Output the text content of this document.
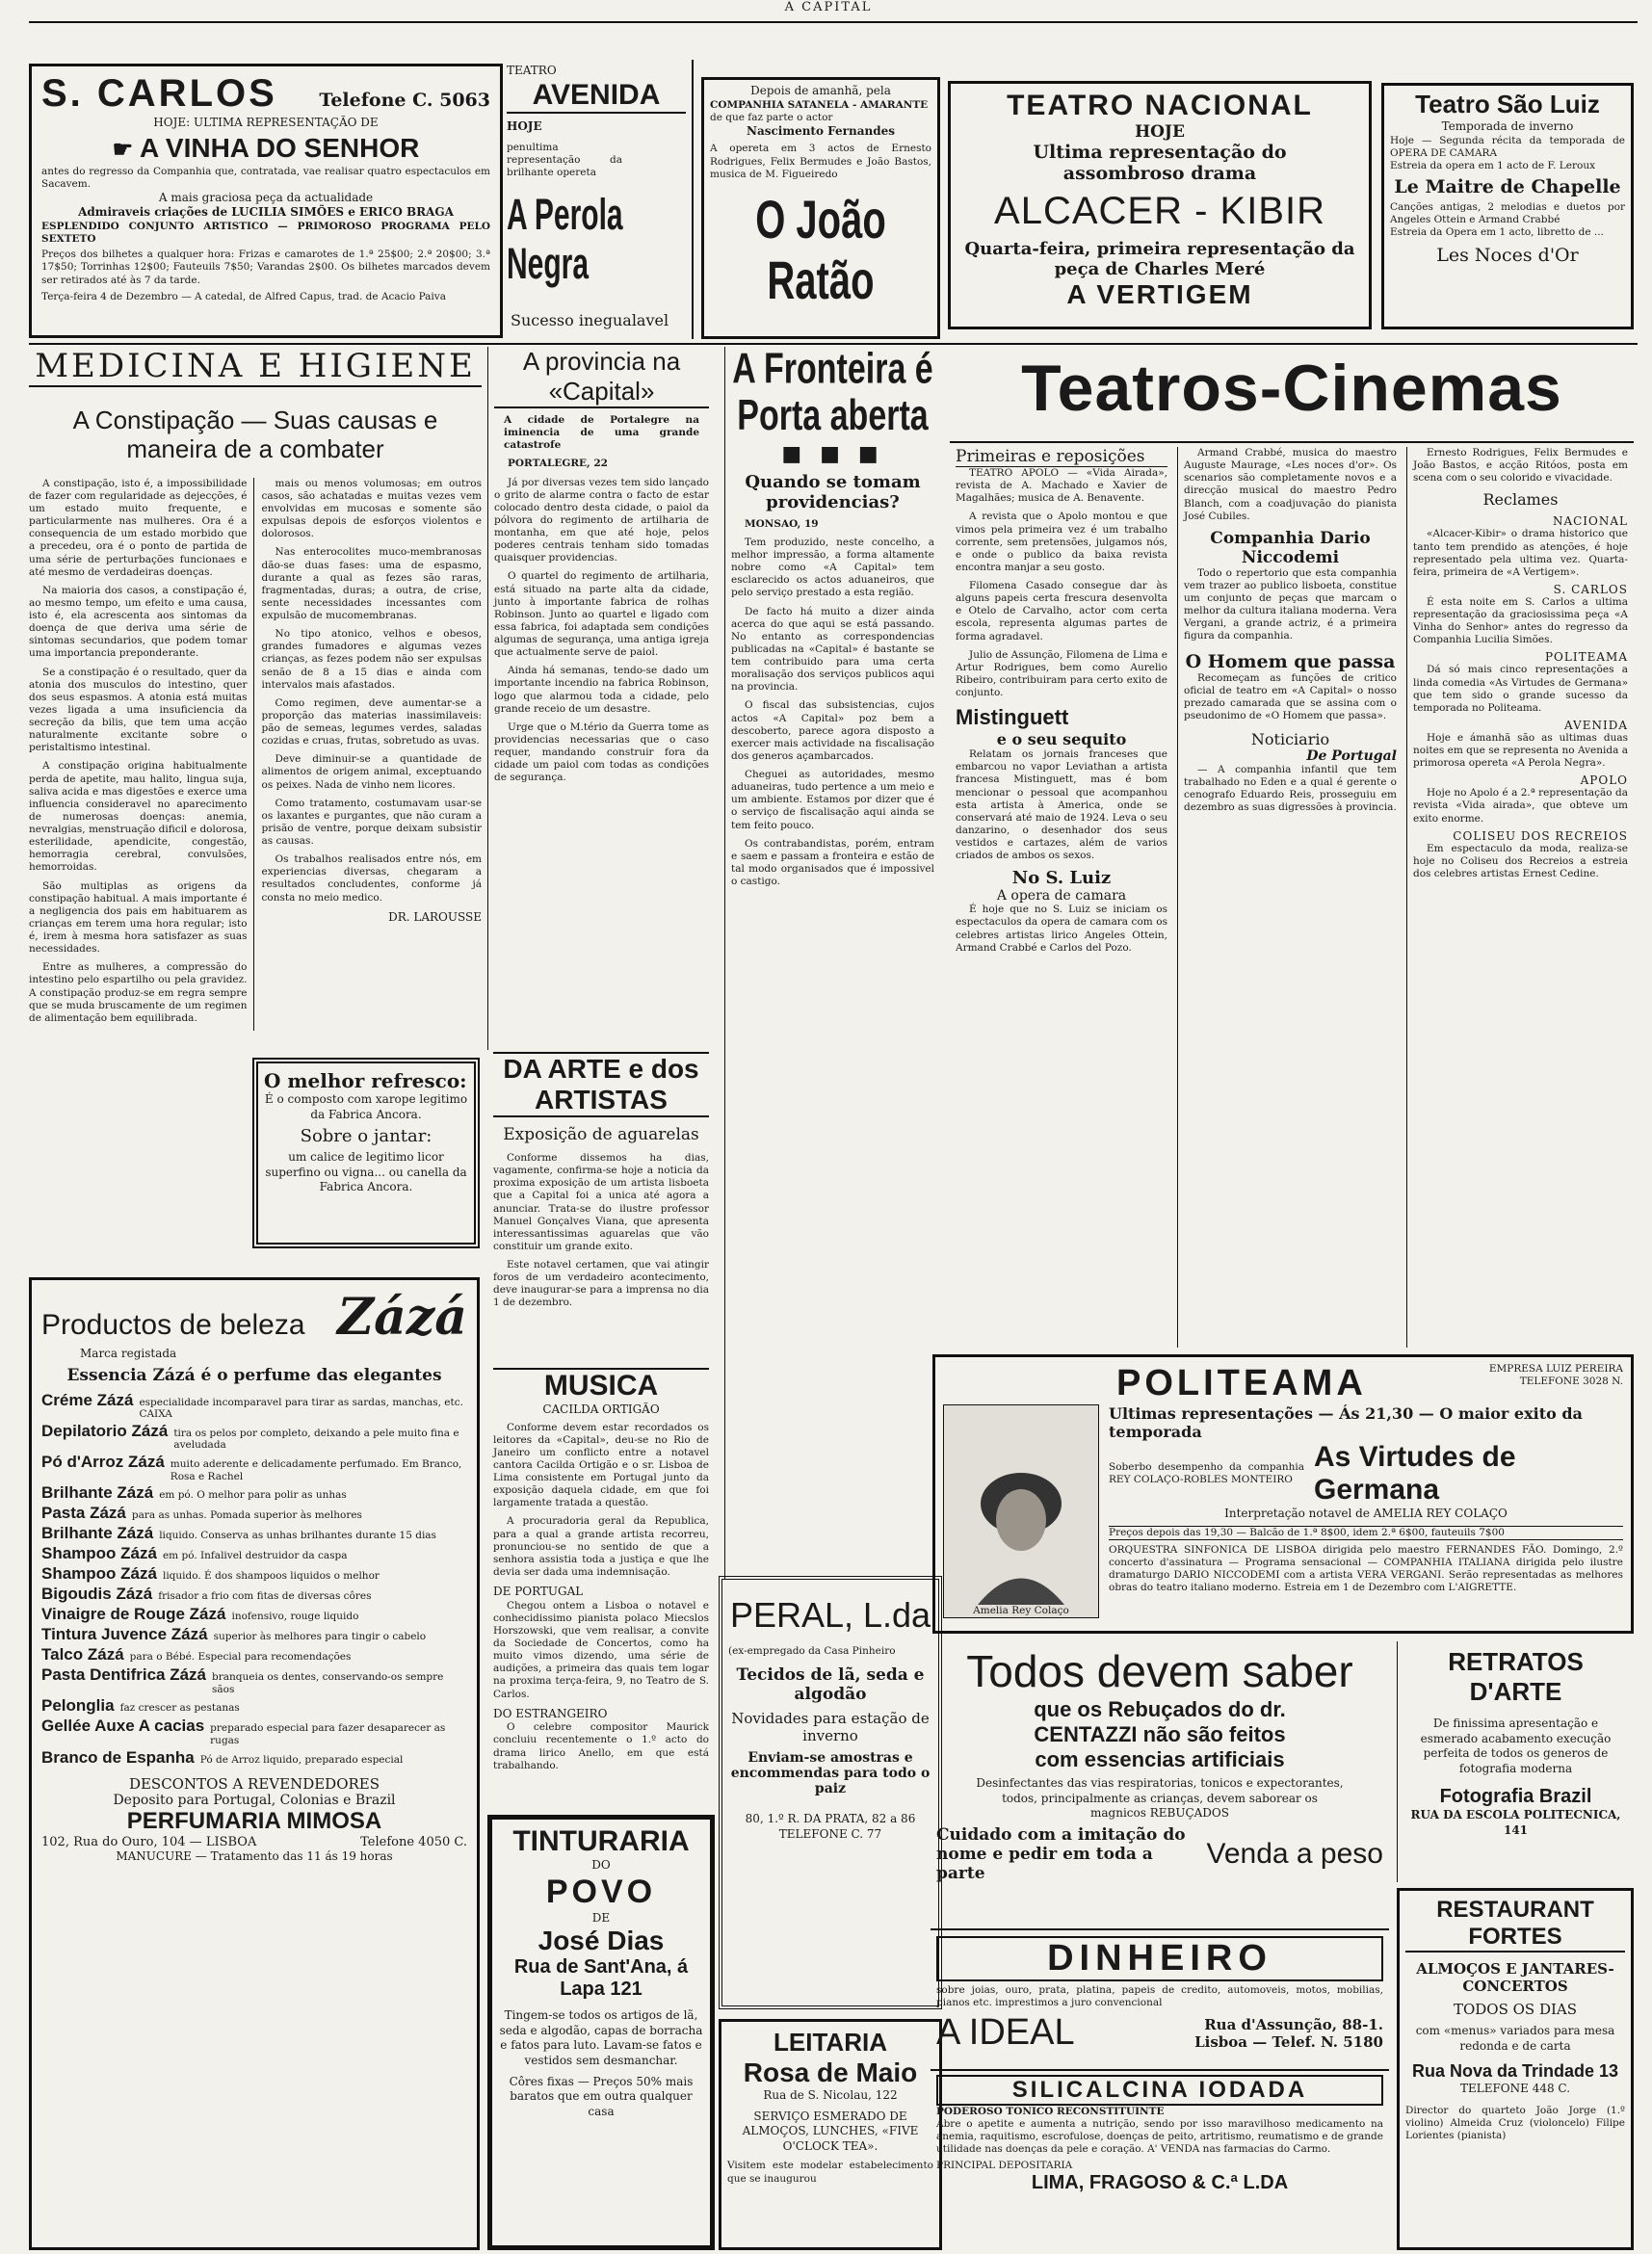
A CAPITAL
S. CARLOS Telefone C. 5063
HOJE: ULTIMA REPRESENTAÇÃO DE
☛ A VINHA DO SENHOR
antes do regresso da Companhia que, contratada, vae realisar quatro espectaculos em Sacavem.
A mais graciosa peça da actualidade
Admiraveis criações de LUCILIA SIMÕES e ERICO BRAGA
ESPLENDIDO CONJUNTO ARTISTICO — PRIMOROSO PROGRAMA PELO SEXTETO
Preços dos bilhetes a qualquer hora: Frizas e camarotes de 1.ª 25$00; 2.ª 20$00; 3.ª 17$50; Torrinhas 12$00; Fauteuils 7$50; Varandas 2$00. Os bilhetes marcados devem ser retirados até às 7 da tarde.
Terça-feira 4 de Dezembro — A catedal, de Alfred Capus, trad. de Acacio Paiva
TEATRO
AVENIDA
HOJE
penultima representação da brilhante opereta
A Perola Negra
Sucesso inegualavel
Depois de amanhã, pela
COMPANHIA SATANELA - AMARANTE
de que faz parte o actor
Nascimento Fernandes
A opereta em 3 actos de Ernesto Rodrigues, Felix Bermudes e João Bastos, musica de M. Figueiredo
O João Ratão
TEATRO NACIONAL
HOJE
Ultima representação do assombroso drama
ALCACER - KIBIR
Quarta-feira, primeira representação da peça de Charles Meré
A VERTIGEM
Teatro São Luiz
Temporada de inverno
Hoje — Segunda récita da temporada de OPERA DE CAMARA
Estreia da opera em 1 acto de F. Leroux
Le Maitre de Chapelle
Canções antigas, 2 melodias e duetos por Angeles Ottein e Armand Crabbé
Estreia da Opera em 1 acto, libretto de ...
Les Noces d'Or
MEDICINA E HIGIENE
A Constipação — Suas causas e maneira de a combater

A constipação, isto é, a impossibilidade de fazer com regularidade as dejecções, é um estado muito frequente, e particularmente nas mulheres. Ora é a consequencia de um estado morbido que a precedeu, ora é o ponto de partida de uma série de perturbações funcionaes e até mesmo de verdadeiras doenças.

Na maioria dos casos, a constipação é, ao mesmo tempo, um efeito e uma causa, isto é, ela acrescenta aos sintomas da doença de que deriva uma série de sintomas secundarios, que podem tomar uma importancia preponderante.

Se a constipação é o resultado, quer da atonia dos musculos do intestino, quer dos seus espasmos. A atonia está muitas vezes ligada a uma insuficiencia da secreção da bilis, que tem uma acção naturalmente excitante sobre o peristaltismo intestinal.

A constipação origina habitualmente perda de apetite, mau halito, lingua suja, saliva acida e mas digestões e exerce uma influencia consideravel no aparecimento de numerosas doenças: anemia, nevralgias, menstruação dificil e dolorosa, esterilidade, apendicite, congestão, hemorragia cerebral, convulsões, hemorroidas.

São multiplas as origens da constipação habitual. A mais importante é a negligencia dos pais em habituarem as crianças em terem uma hora regular; isto é, irem à mesma hora satisfazer as suas necessidades.

Entre as mulheres, a compressão do intestino pelo espartilho ou pela gravidez. A constipação produz-se em regra sempre que se muda bruscamente de um regimen de alimentação bem equilibrada.

mais ou menos volumosas; em outros casos, são achatadas e muitas vezes vem envolvidas em mucosas e somente são expulsas depois de esforços violentos e dolorosos.

Nas enterocolites muco-membranosas dão-se duas fases: uma de espasmo, durante a qual as fezes são raras, fragmentadas, duras; a outra, de crise, sente necessidades incessantes com expulsão de mucomembranas.

No tipo atonico, velhos e obesos, grandes fumadores e algumas vezes crianças, as fezes podem não ser expulsas senão de 8 a 15 dias e ainda com intervalos mais afastados.

Como regimen, deve aumentar-se a proporção das materias inassimilaveis: pão de semeas, legumes verdes, saladas cozidas e cruas, frutas, sobretudo as uvas.

Deve diminuir-se a quantidade de alimentos de origem animal, exceptuando os peixes. Nada de vinho nem licores.

Como tratamento, costumavam usar-se os laxantes e purgantes, que não curam a prisão de ventre, porque deixam subsistir as causas.

Os trabalhos realisados entre nós, em experiencias diversas, chegaram a resultados concludentes, conforme já consta no meio medico.

DR. LAROUSSE
O melhor refresco:
É o composto com xarope legitimo da Fabrica Ancora.
Sobre o jantar:
um calice de legitimo licor superfino ou vigna... ou canella da Fabrica Ancora.
Productos de beleza Zázá
Marca registada
Essencia Zázá é o perfume das elegantes
Créme Zázá especialidade incomparavel para tirar as sardas, manchas, etc. CAIXA
Depilatorio Zázá tira os pelos por completo, deixando a pele muito fina e aveludada
Pó d'Arroz Zázá muito aderente e delicadamente perfumado. Em Branco, Rosa e Rachel
Brilhante Zázá em pó. O melhor para polir as unhas
Pasta Zázá para as unhas. Pomada superior às melhores
Brilhante Zázá liquido. Conserva as unhas brilhantes durante 15 dias
Shampoo Zázá em pó. Infalivel destruidor da caspa
Shampoo Zázá liquido. É dos shampoos liquidos o melhor
Bigoudis Zázá frisador a frio com fitas de diversas côres
Vinaigre de Rouge Zázá inofensivo, rouge liquido
Tintura Juvence Zázá superior às melhores para tingir o cabelo
Talco Zázá para o Bébé. Especial para recomendações
Pasta Dentifrica Zázá branqueia os dentes, conservando-os sempre sãos
Pelonglia faz crescer as pestanas
Gellée Auxe A cacias preparado especial para fazer desaparecer as rugas
Branco de Espanha Pó de Arroz liquido, preparado especial
DESCONTOS A REVENDEDORES
Deposito para Portugal, Colonias e Brazil
PERFUMARIA MIMOSA
102, Rua do Ouro, 104 — LISBOA	Telefone 4050 C.
MANUCURE — Tratamento das 11 ás 19 horas
A provincia na «Capital»
A cidade de Portalegre na iminencia de uma grande catastrofe

PORTALEGRE, 22

Já por diversas vezes tem sido lançado o grito de alarme contra o facto de estar colocado dentro desta cidade, o paiol da pólvora do regimento de artilharia de montanha, em que até hoje, pelos poderes centrais tenham sido tomadas quaisquer providencias.

O quartel do regimento de artilharia, está situado na parte alta da cidade, junto à importante fabrica de rolhas Robinson. Junto ao quartel e ligado com essa fabrica, foi adaptada sem condições algumas de segurança, uma antiga igreja que actualmente serve de paiol.

Ainda há semanas, tendo-se dado um importante incendio na fabrica Robinson, logo que alarmou toda a cidade, pelo grande receio de um desastre.

Urge que o M.tério da Guerra tome as providencias necessarias que o caso requer, mandando construir fora da cidade um paiol com todas as condições de segurança.

DA ARTE e dos ARTISTAS
Exposição de aguarelas

Conforme dissemos ha dias, vagamente, confirma-se hoje a noticia da proxima exposição de um artista lisboeta que a Capital foi a unica até agora a anunciar. Trata-se do ilustre professor Manuel Gonçalves Viana, que apresenta interessantissimas aguarelas que vão constituir um grande exito.

Este notavel certamen, que vai atingir foros de um verdadeiro acontecimento, deve inaugurar-se para a imprensa no dia 1 de dezembro.

MUSICA
CACILDA ORTIGÃO

Conforme devem estar recordados os leitores da «Capital», deu-se no Rio de Janeiro um conflicto entre a notavel cantora Cacilda Ortigão e o sr. Lisboa de Lima consistente em Portugal junto da exposição daquela cidade, em que foi largamente tratada a questão.

A procuradoria geral da Republica, para a qual a grande artista recorreu, pronunciou-se no sentido de que a senhora assistia toda a justiça e que lhe devia ser dada uma indemnisação.

DE PORTUGAL

Chegou ontem a Lisboa o notavel e conhecidissimo pianista polaco Miecslos Horszowski, que vem realisar, a convite da Sociedade de Concertos, como ha muito vimos dizendo, uma série de audições, a primeira das quais tem logar na proxima terça-feira, 9, no Teatro de S. Carlos.

DO ESTRANGEIRO

O celebre compositor Maurick concluiu recentemente o 1.º acto do drama lirico Anello, em que está trabalhando.

TINTURARIA
DO
POVO
DE
José Dias
Rua de Sant'Ana, á Lapa 121
Tingem-se todos os artigos de lã, seda e algodão, capas de borracha e fatos para luto. Lavam-se fatos e vestidos sem desmanchar.
Côres fixas — Preços 50% mais baratos que em outra qualquer casa
A Fronteira é Porta aberta
■ ■ ■
Quando se tomam providencias?

MONSAO, 19

Tem produzido, neste concelho, a melhor impressão, a forma altamente nobre como «A Capital» tem esclarecido os actos aduaneiros, que pelo serviço prestado a esta região.

De facto há muito a dizer ainda acerca do que aqui se está passando. No entanto as correspondencias publicadas na «Capital» é bastante se tem contribuido para uma certa moralisação dos serviços publicos aqui na provincia.

O fiscal das subsistencias, cujos actos «A Capital» poz bem a descoberto, parece agora disposto a exercer mais actividade na fiscalisação dos generos açambarcados.

Cheguei as autoridades, mesmo aduaneiras, tudo pertence a um meio e um ambiente. Estamos por dizer que é o serviço de fiscalisação aqui ainda se tem feito pouco.

Os contrabandistas, porém, entram e saem e passam a fronteira e estão de tal modo organisados que é impossivel o castigo.

PERAL, L.da
(ex-empregado da Casa Pinheiro
Tecidos de lã, seda e algodão
Novidades para estação de inverno
Enviam-se amostras e encommendas para todo o paiz
80, 1.º R. DA PRATA, 82 a 86
TELEFONE C. 77
LEITARIA
Rosa de Maio
Rua de S. Nicolau, 122
SERVIÇO ESMERADO DE ALMOÇOS, LUNCHES, «FIVE O'CLOCK TEA».
Visitem este modelar estabelecimento que se inaugurou
Teatros-Cinemas
Primeiras e reposições

TEATRO APOLO — «Vida Airada», revista de A. Machado e Xavier de Magalhães; musica de A. Benavente.

A revista que o Apolo montou e que vimos pela primeira vez é um trabalho corrente, sem pretensões, julgamos nós, e onde o publico da baixa revista encontra manjar a seu gosto.

Filomena Casado consegue dar às alguns papeis certa frescura desenvolta e Otelo de Carvalho, actor com certa escola, representa algumas partes de forma agradavel.

Julio de Assunção, Filomena de Lima e Artur Rodrigues, bem como Aurelio Ribeiro, contribuiram para certo exito de conjunto.

Mistinguett
e o seu sequito

Relatam os jornais franceses que embarcou no vapor Leviathan a artista francesa Mistinguett, mas é bom mencionar o pessoal que acompanhou esta artista à America, onde se conservará até maio de 1924. Leva o seu danzarino, o desenhador dos seus vestidos e cartazes, além de varios criados de ambos os sexos.

No S. Luiz
A opera de camara

É hoje que no S. Luiz se iniciam os espectaculos da opera de camara com os celebres artistas lirico Angeles Ottein, Armand Crabbé e Carlos del Pozo.

Armand Crabbé, musica do maestro Auguste Maurage, «Les noces d'or». Os scenarios são completamente novos e a direcção musical do maestro Pedro Blanch, com a coadjuvação do pianista José Cubiles.

Companhia Dario Niccodemi

Todo o repertorio que esta companhia vem trazer ao publico lisboeta, constitue um conjunto de peças que marcam o melhor da cultura italiana moderna. Vera Vergani, a grande actriz, é a primeira figura da companhia.

O Homem que passa

Recomeçam as funções de critico oficial de teatro em «A Capital» o nosso prezado camarada que se assina com o pseudonimo de «O Homem que passa».

Noticiario
De Portugal

— A companhia infantil que tem trabalhado no Eden e a qual é gerente o cenografo Eduardo Reis, prosseguiu em dezembro as suas digressões à provincia.

Ernesto Rodrigues, Felix Bermudes e João Bastos, e acção Ritóos, posta em scena com o seu colorido e vivacidade.

Reclames
NACIONAL
«Alcacer-Kibir» o drama historico que tanto tem prendido as atenções, é hoje representado pela ultima vez. Quarta-feira, primeira de «A Vertigem».
S. CARLOS
É esta noite em S. Carlos a ultima representação da graciosissima peça «A Vinha do Senhor» antes do regresso da Companhia Lucilia Simões.
POLITEAMA
Dá só mais cinco representações a linda comedia «As Virtudes de Germana» que tem sido o grande sucesso da temporada no Politeama.
AVENIDA
Hoje e ámanhã são as ultimas duas noites em que se representa no Avenida a primorosa opereta «A Perola Negra».
APOLO
Hoje no Apolo é a 2.ª representação da revista «Vida airada», que obteve um exito enorme.
COLISEU DOS RECREIOS
Em espectaculo da moda, realiza-se hoje no Coliseu dos Recreios a estreia dos celebres artistas Ernest Cedine.
POLITEAMA	EMPRESA LUIZ PEREIRA
TELEFONE 3028 N.
Amelia Rey Colaço
Ultimas representações — Ás 21,30 — O maior exito da temporada
Soberbo desempenho da companhia REY COLAÇO-ROBLES MONTEIRO
As Virtudes de Germana
Interpretação notavel de AMELIA REY COLAÇO
Preços depois das 19,30 — Balcão de 1.ª 8$00, idem 2.ª 6$00, fauteuils 7$00
ORQUESTRA SINFONICA DE LISBOA dirigida pelo maestro FERNANDES FÃO. Domingo, 2.º concerto d'assinatura — Programa sensacional — COMPANHIA ITALIANA dirigida pelo ilustre dramaturgo DARIO NICCODEMI com a artista VERA VERGANI. Serão representadas as melhores obras do teatro italiano moderno. Estreia em 1 de Dezembro com L'AIGRETTE.
Todos devem saber
que os Rebuçados do dr.
CENTAZZI não são feitos
com essencias artificiais
Desinfectantes das vias respiratorias, tonicos e expectorantes, todos, principalmente as crianças, devem saborear os magnicos REBUÇADOS
Cuidado com a imitação do nome e pedir em toda a parte
Venda a peso
RETRATOS D'ARTE
De finissima apresentação e esmerado acabamento execução perfeita de todos os generos de fotografia moderna
Fotografia Brazil
RUA DA ESCOLA POLITECNICA, 141
DINHEIRO
sobre joias, ouro, prata, platina, papeis de credito, automoveis, motos, mobilias, pianos etc. imprestimos a juro convencional
A IDEAL	Rua d'Assunção, 88-1.
Lisboa — Telef. N. 5180
SILICALCINA IODADA
PODEROSO TONICO RECONSTITUINTE
Abre o apetite e aumenta a nutrição, sendo por isso maravilhoso medicamento na anemia, raquitismo, escrofulose, doenças de peito, artritismo, reumatismo e de grande utilidade nas doenças da pele e coração. A' VENDA nas farmacias do Carmo.
PRINCIPAL DEPOSITARIA
LIMA, FRAGOSO & C.ª L.DA
RESTAURANT FORTES
ALMOÇOS E JANTARES-CONCERTOS
TODOS OS DIAS
com «menus» variados para mesa redonda e de carta
Rua Nova da Trindade 13
TELEFONE 448 C.
Director do quarteto João Jorge (1.º violino) Almeida Cruz (violoncelo) Filipe Lorientes (pianista)
